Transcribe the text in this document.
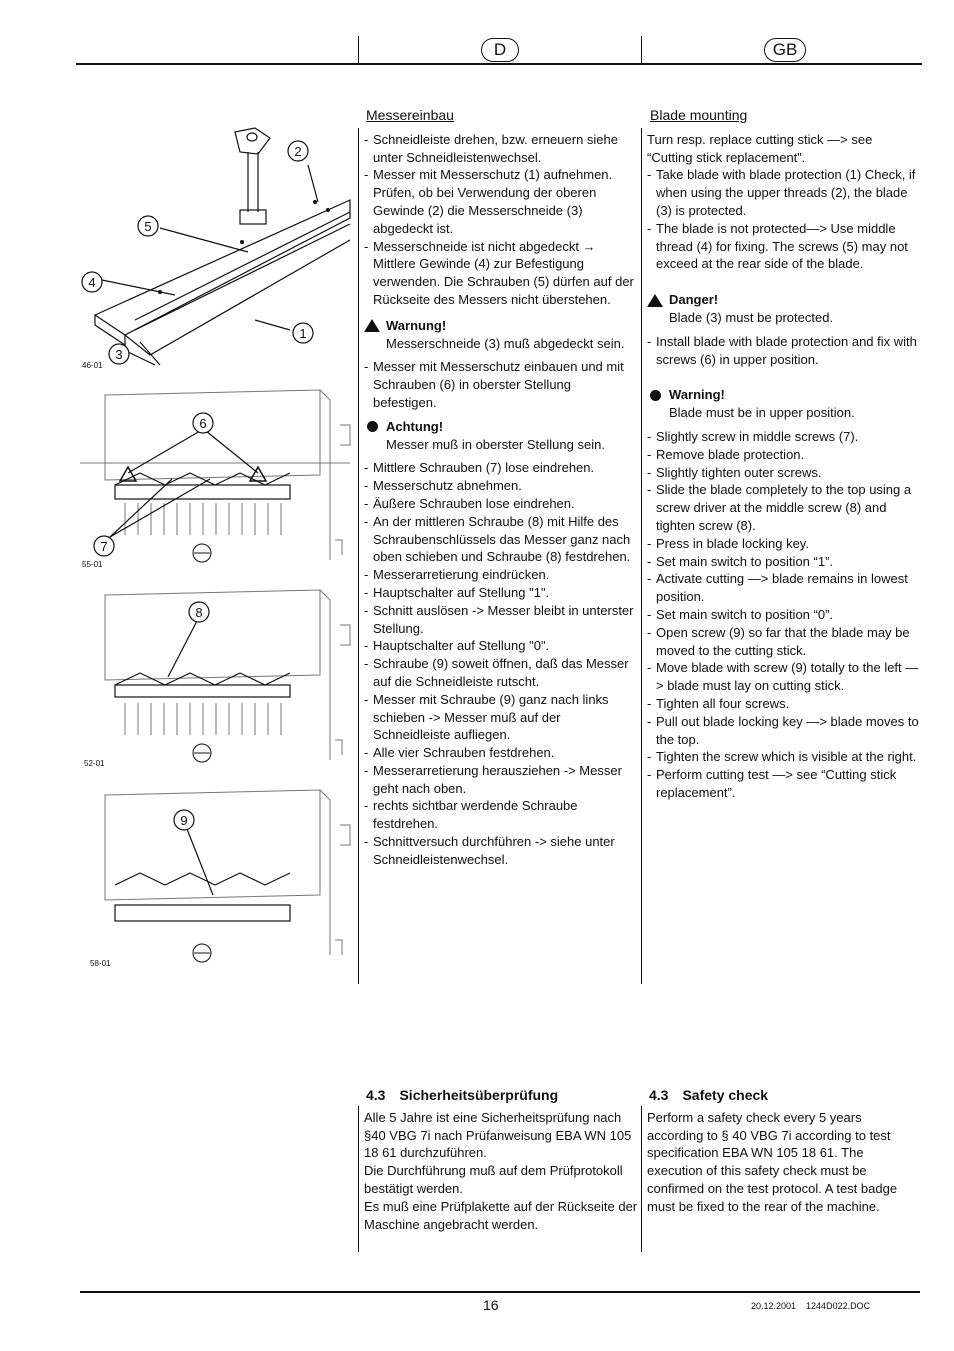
D	GB
2
5
4
1
3
46-01
6
7
55-01
8
52-01
9
58-01
Messereinbau
- Schneidleiste drehen, bzw. erneuern siehe unter Schneidleistenwechsel.
- Messer mit Messerschutz (1) aufnehmen. Prüfen, ob bei Verwendung der oberen Gewinde (2) die Messerschneide (3) abgedeckt ist.
- Messerschneide ist nicht abgedeckt → Mittlere Gewinde (4) zur Befestigung verwenden. Die Schrauben (5) dürfen auf der Rückseite des Messers nicht überstehen.
Warnung!
Messerschneide (3) muß abgedeckt sein.
- Messer mit Messerschutz einbauen und mit Schrauben (6) in oberster Stellung befestigen.
Achtung!
Messer muß in oberster Stellung sein.
- Mittlere Schrauben (7) lose eindrehen.
- Messerschutz abnehmen.
- Äußere Schrauben lose eindrehen.
- An der mittleren Schraube (8) mit Hilfe des Schraubenschlüssels das Messer ganz nach oben schieben und Schraube (8) festdrehen.
- Messerarretierung eindrücken.
- Hauptschalter auf Stellung "1".
- Schnitt auslösen -> Messer bleibt in unterster Stellung.
- Hauptschalter auf Stellung "0".
- Schraube (9) soweit öffnen, daß das Messer auf die Schneidleiste rutscht.
- Messer mit Schraube (9) ganz nach links schieben -> Messer muß auf der Schneidleiste aufliegen.
- Alle vier Schrauben festdrehen.
- Messerarretierung herausziehen -> Messer geht nach oben.
- rechts sichtbar werdende Schraube festdrehen.
- Schnittversuch durchführen -> siehe unter Schneidleistenwechsel.
Blade mounting
Turn resp. replace cutting stick —> see “Cutting stick replacement”.
- Take blade with blade protection (1) Check, if when using the upper threads (2), the blade (3) is protected.
- The blade is not protected—> Use middle thread (4) for fixing. The screws (5) may not exceed at the rear side of the blade.
Danger!
Blade (3) must be protected.
- Install blade with blade protection and fix with screws (6) in upper position.
Warning!
Blade must be in upper position.
- Slightly screw in middle screws (7).
- Remove blade protection.
- Slightly tighten outer screws.
- Slide the blade completely to the top using a screw driver at the middle screw (8) and tighten screw (8).
- Press in blade locking key.
- Set main switch to position “1”.
- Activate cutting —> blade remains in lowest position.
- Set main switch to position “0”.
- Open screw (9) so far that the blade may be moved to the cutting stick.
- Move blade with screw (9) totally to the left —> blade must lay on cutting stick.
- Tighten all four screws.
- Pull out blade locking key —> blade moves to the top.
- Tighten the screw which is visible at the right.
- Perform cutting test —> see “Cutting stick replacement”.
4.3 Sicherheitsüberprüfung
Alle 5 Jahre ist eine Sicherheitsprüfung nach §40 VBG 7i nach Prüfanweisung EBA WN 105 18 61 durchzuführen.
Die Durchführung muß auf dem Prüfprotokoll bestätigt werden.
Es muß eine Prüfplakette auf der Rückseite der Maschine angebracht werden.
4.3 Safety check
Perform a safety check every 5 years according to § 40 VBG 7i according to test specification EBA WN 105 18 61. The execution of this safety check must be confirmed on the test protocol. A test badge must be fixed to the rear of the machine.
16	20.12.2001    1244D022.DOC
